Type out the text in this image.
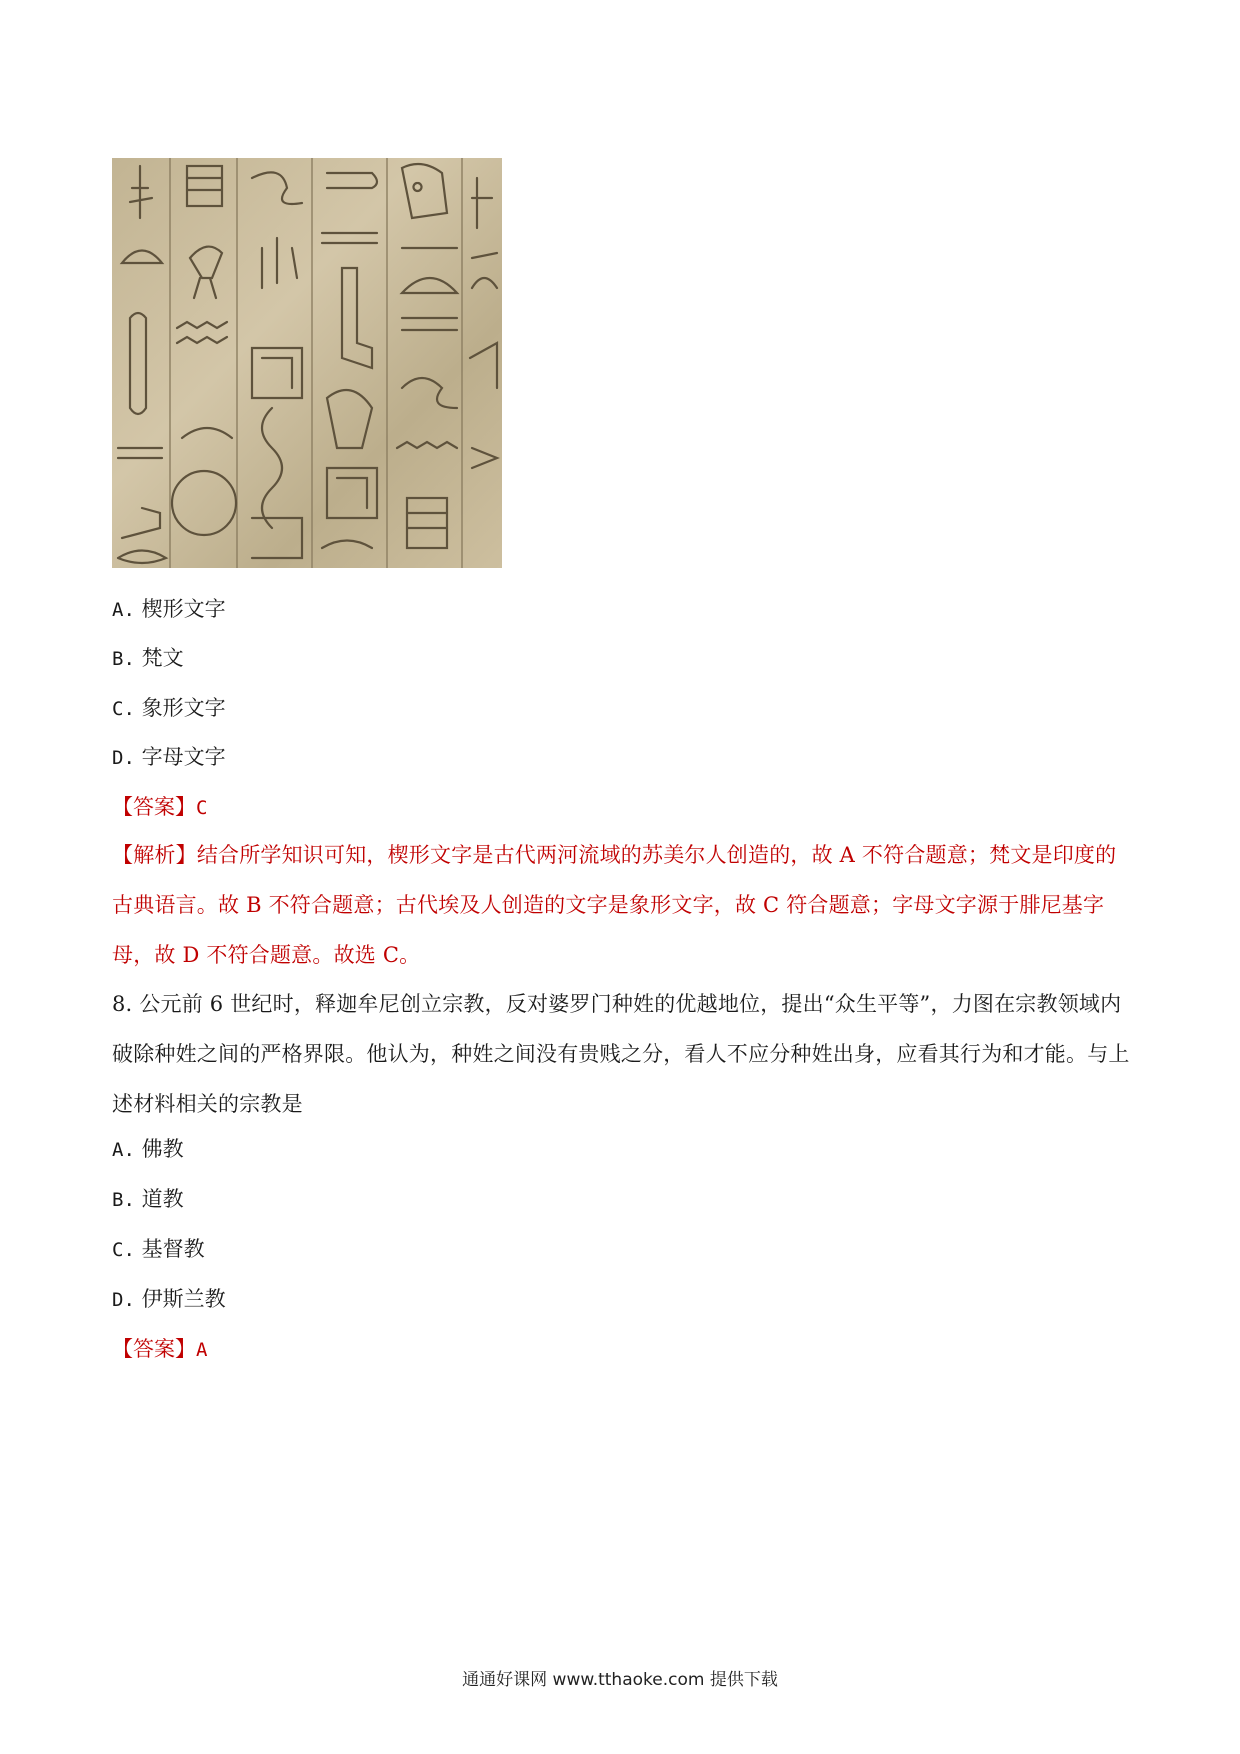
A. 楔形文字
B. 梵文
C. 象形文字
D. 字母文字
【答案】C
【解析】结合所学知识可知，楔形文字是古代两河流域的苏美尔人创造的，故 A 不符合题意；梵文是印度的古典语言。故 B 不符合题意；古代埃及人创造的文字是象形文字，故 C 符合题意；字母文字源于腓尼基字母，故 D 不符合题意。故选 C。
8. 公元前 6 世纪时，释迦牟尼创立宗教，反对婆罗门种姓的优越地位，提出“众生平等”，力图在宗教领域内破除种姓之间的严格界限。他认为，种姓之间没有贵贱之分，看人不应分种姓出身，应看其行为和才能。与上述材料相关的宗教是
A. 佛教
B. 道教
C. 基督教
D. 伊斯兰教
【答案】A
通通好课网 www.tthaoke.com 提供下载
